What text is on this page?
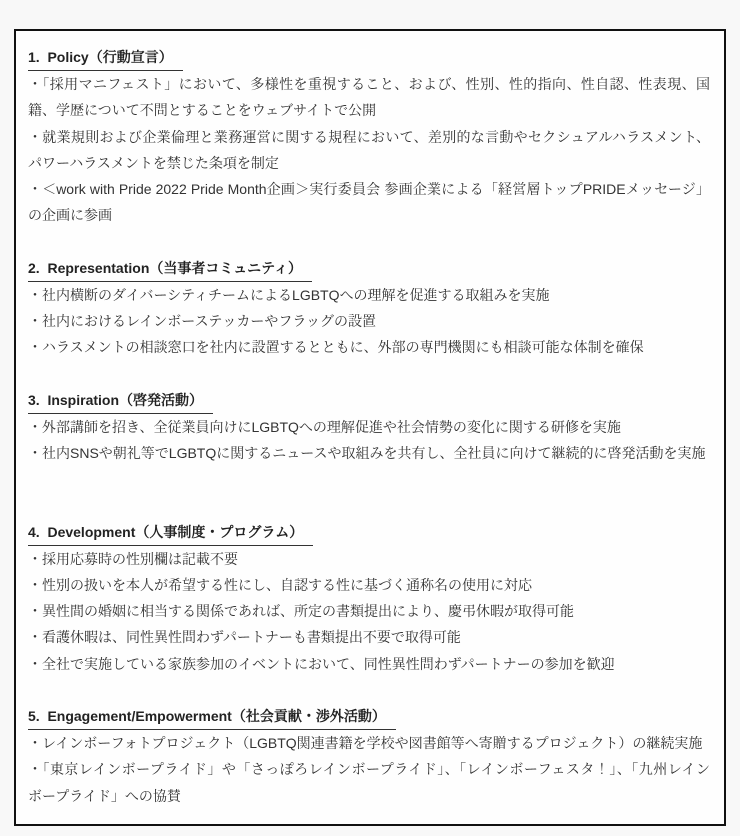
1.  Policy（行動宣言）

・「採用マニフェスト」において、多様性を重視すること、および、性別、性的指向、性自認、性表現、国籍、学歴について不問とすることをウェブサイトで公開

・就業規則および企業倫理と業務運営に関する規程において、差別的な言動やセクシュアルハラスメント、パワーハラスメントを禁じた条項を制定

・＜work with Pride 2022 Pride Month企画＞実行委員会 参画企業による「経営層トップPRIDEメッセージ」の企画に参画

2.  Representation（当事者コミュニティ）

・社内横断のダイバーシティチームによるLGBTQへの理解を促進する取組みを実施

・社内におけるレインボーステッカーやフラッグの設置

・ハラスメントの相談窓口を社内に設置するとともに、外部の専門機関にも相談可能な体制を確保

3.  Inspiration（啓発活動）

・外部講師を招き、全従業員向けにLGBTQへの理解促進や社会情勢の変化に関する研修を実施

・社内SNSや朝礼等でLGBTQに関するニュースや取組みを共有し、全社員に向けて継続的に啓発活動を実施

4.  Development（人事制度・プログラム）

・採用応募時の性別欄は記載不要

・性別の扱いを本人が希望する性にし、自認する性に基づく通称名の使用に対応

・異性間の婚姻に相当する関係であれば、所定の書類提出により、慶弔休暇が取得可能

・看護休暇は、同性異性問わずパートナーも書類提出不要で取得可能

・全社で実施している家族参加のイベントにおいて、同性異性問わずパートナーの参加を歓迎

5.  Engagement/Empowerment（社会貢献・渉外活動）

・レインボーフォトプロジェクト（LGBTQ関連書籍を学校や図書館等へ寄贈するプロジェクト）の継続実施

・「東京レインボープライド」や「さっぽろレインボープライド」、「レインボーフェスタ！」、「九州レインボープライド」への協賛
